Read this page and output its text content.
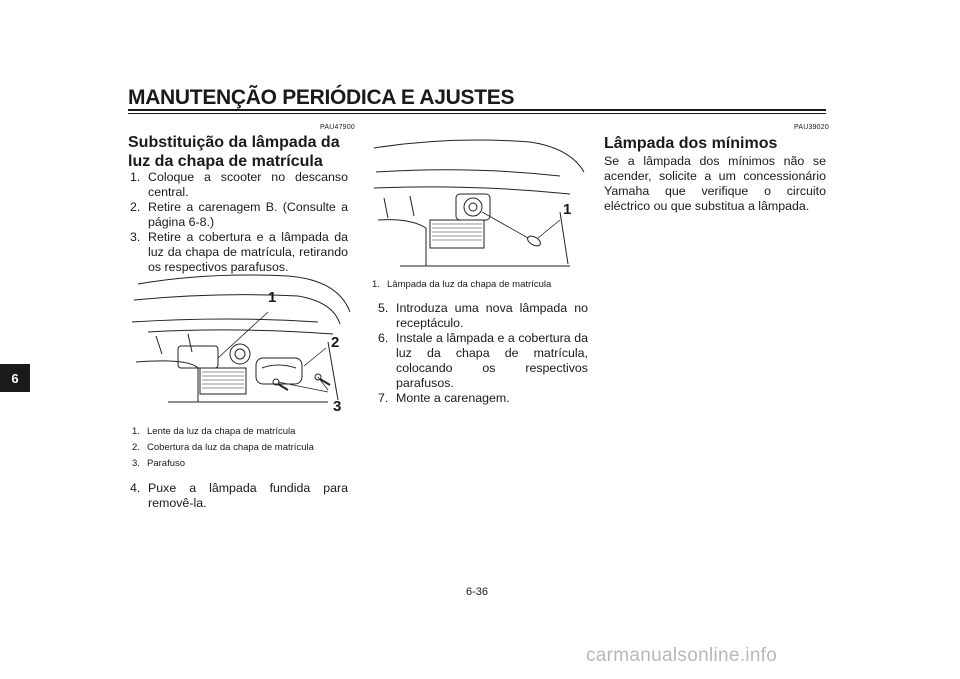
MANUTENÇÃO PERIÓDICA E AJUSTES
6
PAU47900
Substituição da lâmpada da luz da chapa de matrícula
1. Coloque a scooter no descanso central.
2. Retire a carenagem B. (Consulte a página 6-8.)
3. Retire a cobertura e a lâmpada da luz da chapa de matrícula, retirando os respectivos parafusos.
1
2
3
1. Lente da luz da chapa de matrícula
2. Cobertura da luz da chapa de matrícula
3. Parafuso
4. Puxe a lâmpada fundida para removê-la.
1
1. Lâmpada da luz da chapa de matrícula
5. Introduza uma nova lâmpada no receptáculo.
6. Instale a lâmpada e a cobertura da luz da chapa de matrícula, colocando os respectivos parafusos.
7. Monte a carenagem.
PAU39020
Lâmpada dos mínimos
Se a lâmpada dos mínimos não se acender, solicite a um concessionário Yamaha que verifique o circuito eléctrico ou que substitua a lâmpada.
6-36
carmanualsonline.info
